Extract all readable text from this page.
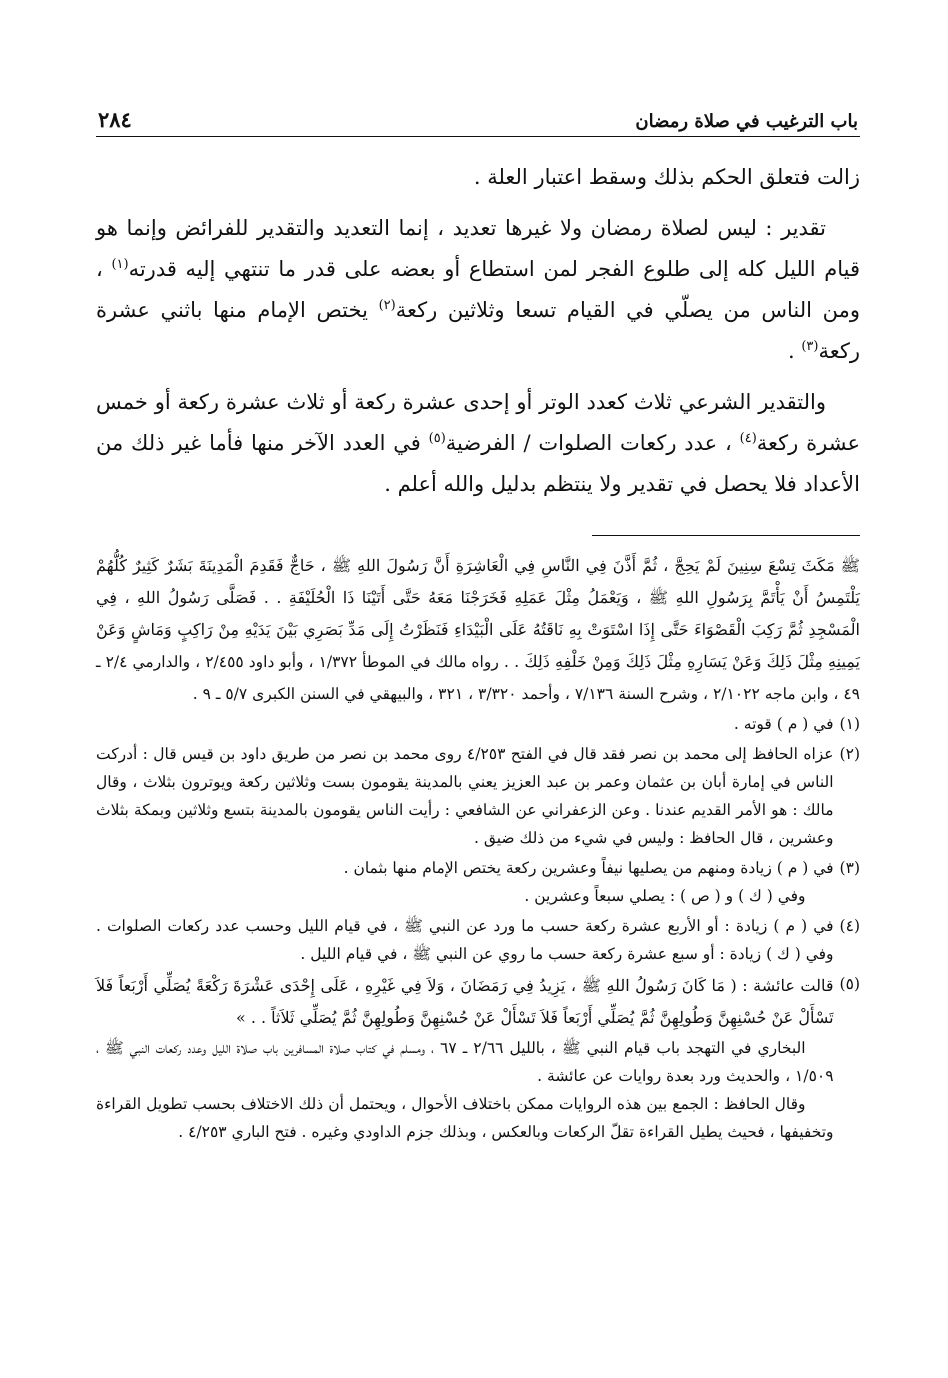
باب الترغيب في صلاة رمضان
٢٨٤

زالت فتعلق الحكم بذلك وسقط اعتبار العلة .

تقدير : ليس لصلاة رمضان ولا غيرها تعديد ، إنما التعديد والتقدير للفرائض وإنما هو قيام الليل كله إلى طلوع الفجر لمن استطاع أو بعضه على قدر ما تنتهي إليه قدرته$^{(١)}$ ، ومن الناس من يصلّي في القيام تسعا وثلاثين ركعة$^{(٢)}$ يختص الإمام منها باثني عشرة ركعة$^{(٣)}$ .

والتقدير الشرعي ثلاث كعدد الوتر أو إحدى عشرة ركعة أو ثلاث عشرة ركعة أو خمس عشرة ركعة$^{(٤)}$ ، عدد ركعات الصلوات / الفرضية$^{(٥)}$ في العدد الآخر منها فأما غير ذلك من الأعداد فلا يحصل في تقدير ولا ينتظم بدليل والله أعلم .

ﷺ مَكَثَ تِسْعَ سِنِينَ لَمْ يَحِجَّ ، ثُمَّ أَذَّنَ فِي النَّاسِ فِي الْعَاشِرَةِ أَنَّ رَسُولَ اللهِ ﷺ ، حَاجٌّ فَقَدِمَ الْمَدِينَةَ بَشَرٌ كَثِيرٌ كُلُّهُمْ يَلْتَمِسُ أَنْ يَأْتَمَّ بِرَسُولِ اللهِ ﷺ ، وَيَعْمَلُ مِثْلَ عَمَلِهِ فَخَرَجْنَا مَعَهُ حَتَّى أَتَيْنَا ذَا الْحُلَيْفَةِ . . فَصَلَّى رَسُولُ اللهِ ، فِي الْمَسْجِدِ ثُمَّ رَكِبَ الْقَصْوَاءَ حَتَّى إِذَا اسْتَوَتْ بِهِ نَاقَتُهُ عَلَى الْبَيْدَاءِ فَنَظَرْتُ إِلَى مَدِّ بَصَرِي بَيْنَ يَدَيْهِ مِنْ رَاكِبٍ وَمَاشٍ وَعَنْ يَمِينِهِ مِثْلَ ذَلِكَ وَعَنْ يَسَارِهِ مِثْلَ ذَلِكَ وَمِنْ خَلْفِهِ ذَلِكَ . . رواه مالك في الموطأ ١/٣٧٢ ، وأبو داود ٢/٤٥٥ ، والدارمي ٢/٤ ـ ٤٩ ، وابن ماجه ٢/١٠٢٢ ، وشرح السنة ٧/١٣٦ ، وأحمد ٣/٣٢٠ ، ٣٢١ ، والبيهقي في السنن الكبرى ٥/٧ ـ ٩ .

(١)

في ( م ) قوته .

(٢)

عزاه الحافظ إلى محمد بن نصر فقد قال في الفتح ٤/٢٥٣ روى محمد بن نصر من طريق داود بن قيس قال : أدركت الناس في إمارة أبان بن عثمان وعمر بن عبد العزيز يعني بالمدينة يقومون بست وثلاثين ركعة ويوترون بثلاث ، وقال مالك : هو الأمر القديم عندنا . وعن الزعفراني عن الشافعي : رأيت الناس يقومون بالمدينة بتسع وثلاثين وبمكة بثلاث وعشرين ، قال الحافظ : وليس في شيء من ذلك ضيق .

(٣)

في ( م ) زيادة ومنهم من يصليها نيفاً وعشرين ركعة يختص الإمام منها بثمان .

وفي ( ك ) و ( ص ) : يصلي سبعاً وعشرين .

(٤)

في ( م ) زيادة : أو الأربع عشرة ركعة حسب ما ورد عن النبي ﷺ ، في قيام الليل وحسب عدد ركعات الصلوات . وفي ( ك ) زيادة : أو سبع عشرة ركعة حسب ما روي عن النبي ﷺ ، في قيام الليل .

(٥)

قالت عائشة : ( مَا كَانَ رَسُولُ اللهِ ﷺ ، يَزِيدُ فِي رَمَضَانَ ، وَلاَ فِي غَيْرِهِ ، عَلَى إِحْدَى عَشْرَةَ رَكْعَةً يُصَلِّي أَرْبَعاً فَلاَ تَسْأَلْ عَنْ حُسْنِهِنَّ وَطُولِهِنَّ ثُمَّ يُصَلِّي أَرْبَعاً فَلاَ تَسْأَلْ عَنْ حُسْنِهِنَّ وَطُولِهِنَّ ثُمَّ يُصَلِّي ثَلاَثاً . . »

البخاري في التهجد باب قيام النبي ﷺ ، بالليل ٢/٦٦ ـ ٦٧ ، ومسلم في كتاب صلاة المسافرين باب صلاة الليل وعدد ركعات النبي ﷺ ، ١/٥٠٩ ، والحديث ورد بعدة روايات عن عائشة .

وقال الحافظ : الجمع بين هذه الروايات ممكن باختلاف الأحوال ، ويحتمل أن ذلك الاختلاف بحسب تطويل القراءة وتخفيفها ، فحيث يطيل القراءة تقلّ الركعات وبالعكس ، وبذلك جزم الداودي وغيره . فتح الباري ٤/٢٥٣ .
